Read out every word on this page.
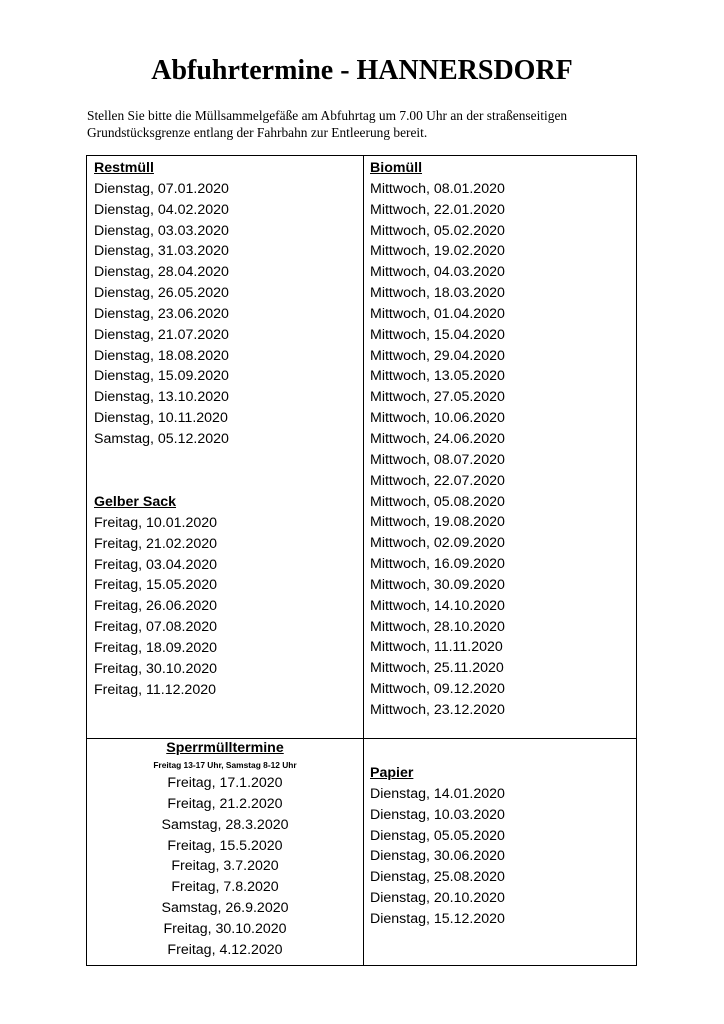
Abfuhrtermine - HANNERSDORF
Stellen Sie bitte die Müllsammelgefäße am Abfuhrtag um 7.00 Uhr an der straßenseitigen
Grundstücksgrenze entlang der Fahrbahn zur Entleerung bereit.
Restmüll
Dienstag, 07.01.2020
Dienstag, 04.02.2020
Dienstag, 03.03.2020
Dienstag, 31.03.2020
Dienstag, 28.04.2020
Dienstag, 26.05.2020
Dienstag, 23.06.2020
Dienstag, 21.07.2020
Dienstag, 18.08.2020
Dienstag, 15.09.2020
Dienstag, 13.10.2020
Dienstag, 10.11.2020
Samstag, 05.12.2020
Gelber Sack
Freitag, 10.01.2020
Freitag, 21.02.2020
Freitag, 03.04.2020
Freitag, 15.05.2020
Freitag, 26.06.2020
Freitag, 07.08.2020
Freitag, 18.09.2020
Freitag, 30.10.2020
Freitag, 11.12.2020
Biomüll
Mittwoch, 08.01.2020
Mittwoch, 22.01.2020
Mittwoch, 05.02.2020
Mittwoch, 19.02.2020
Mittwoch, 04.03.2020
Mittwoch, 18.03.2020
Mittwoch, 01.04.2020
Mittwoch, 15.04.2020
Mittwoch, 29.04.2020
Mittwoch, 13.05.2020
Mittwoch, 27.05.2020
Mittwoch, 10.06.2020
Mittwoch, 24.06.2020
Mittwoch, 08.07.2020
Mittwoch, 22.07.2020
Mittwoch, 05.08.2020
Mittwoch, 19.08.2020
Mittwoch, 02.09.2020
Mittwoch, 16.09.2020
Mittwoch, 30.09.2020
Mittwoch, 14.10.2020
Mittwoch, 28.10.2020
Mittwoch, 11.11.2020
Mittwoch, 25.11.2020
Mittwoch, 09.12.2020
Mittwoch, 23.12.2020
Sperrmülltermine
Freitag 13-17 Uhr, Samstag 8-12 Uhr
Freitag, 17.1.2020
Freitag, 21.2.2020
Samstag, 28.3.2020
Freitag, 15.5.2020
Freitag, 3.7.2020
Freitag, 7.8.2020
Samstag, 26.9.2020
Freitag, 30.10.2020
Freitag, 4.12.2020
Papier
Dienstag, 14.01.2020
Dienstag, 10.03.2020
Dienstag, 05.05.2020
Dienstag, 30.06.2020
Dienstag, 25.08.2020
Dienstag, 20.10.2020
Dienstag, 15.12.2020
